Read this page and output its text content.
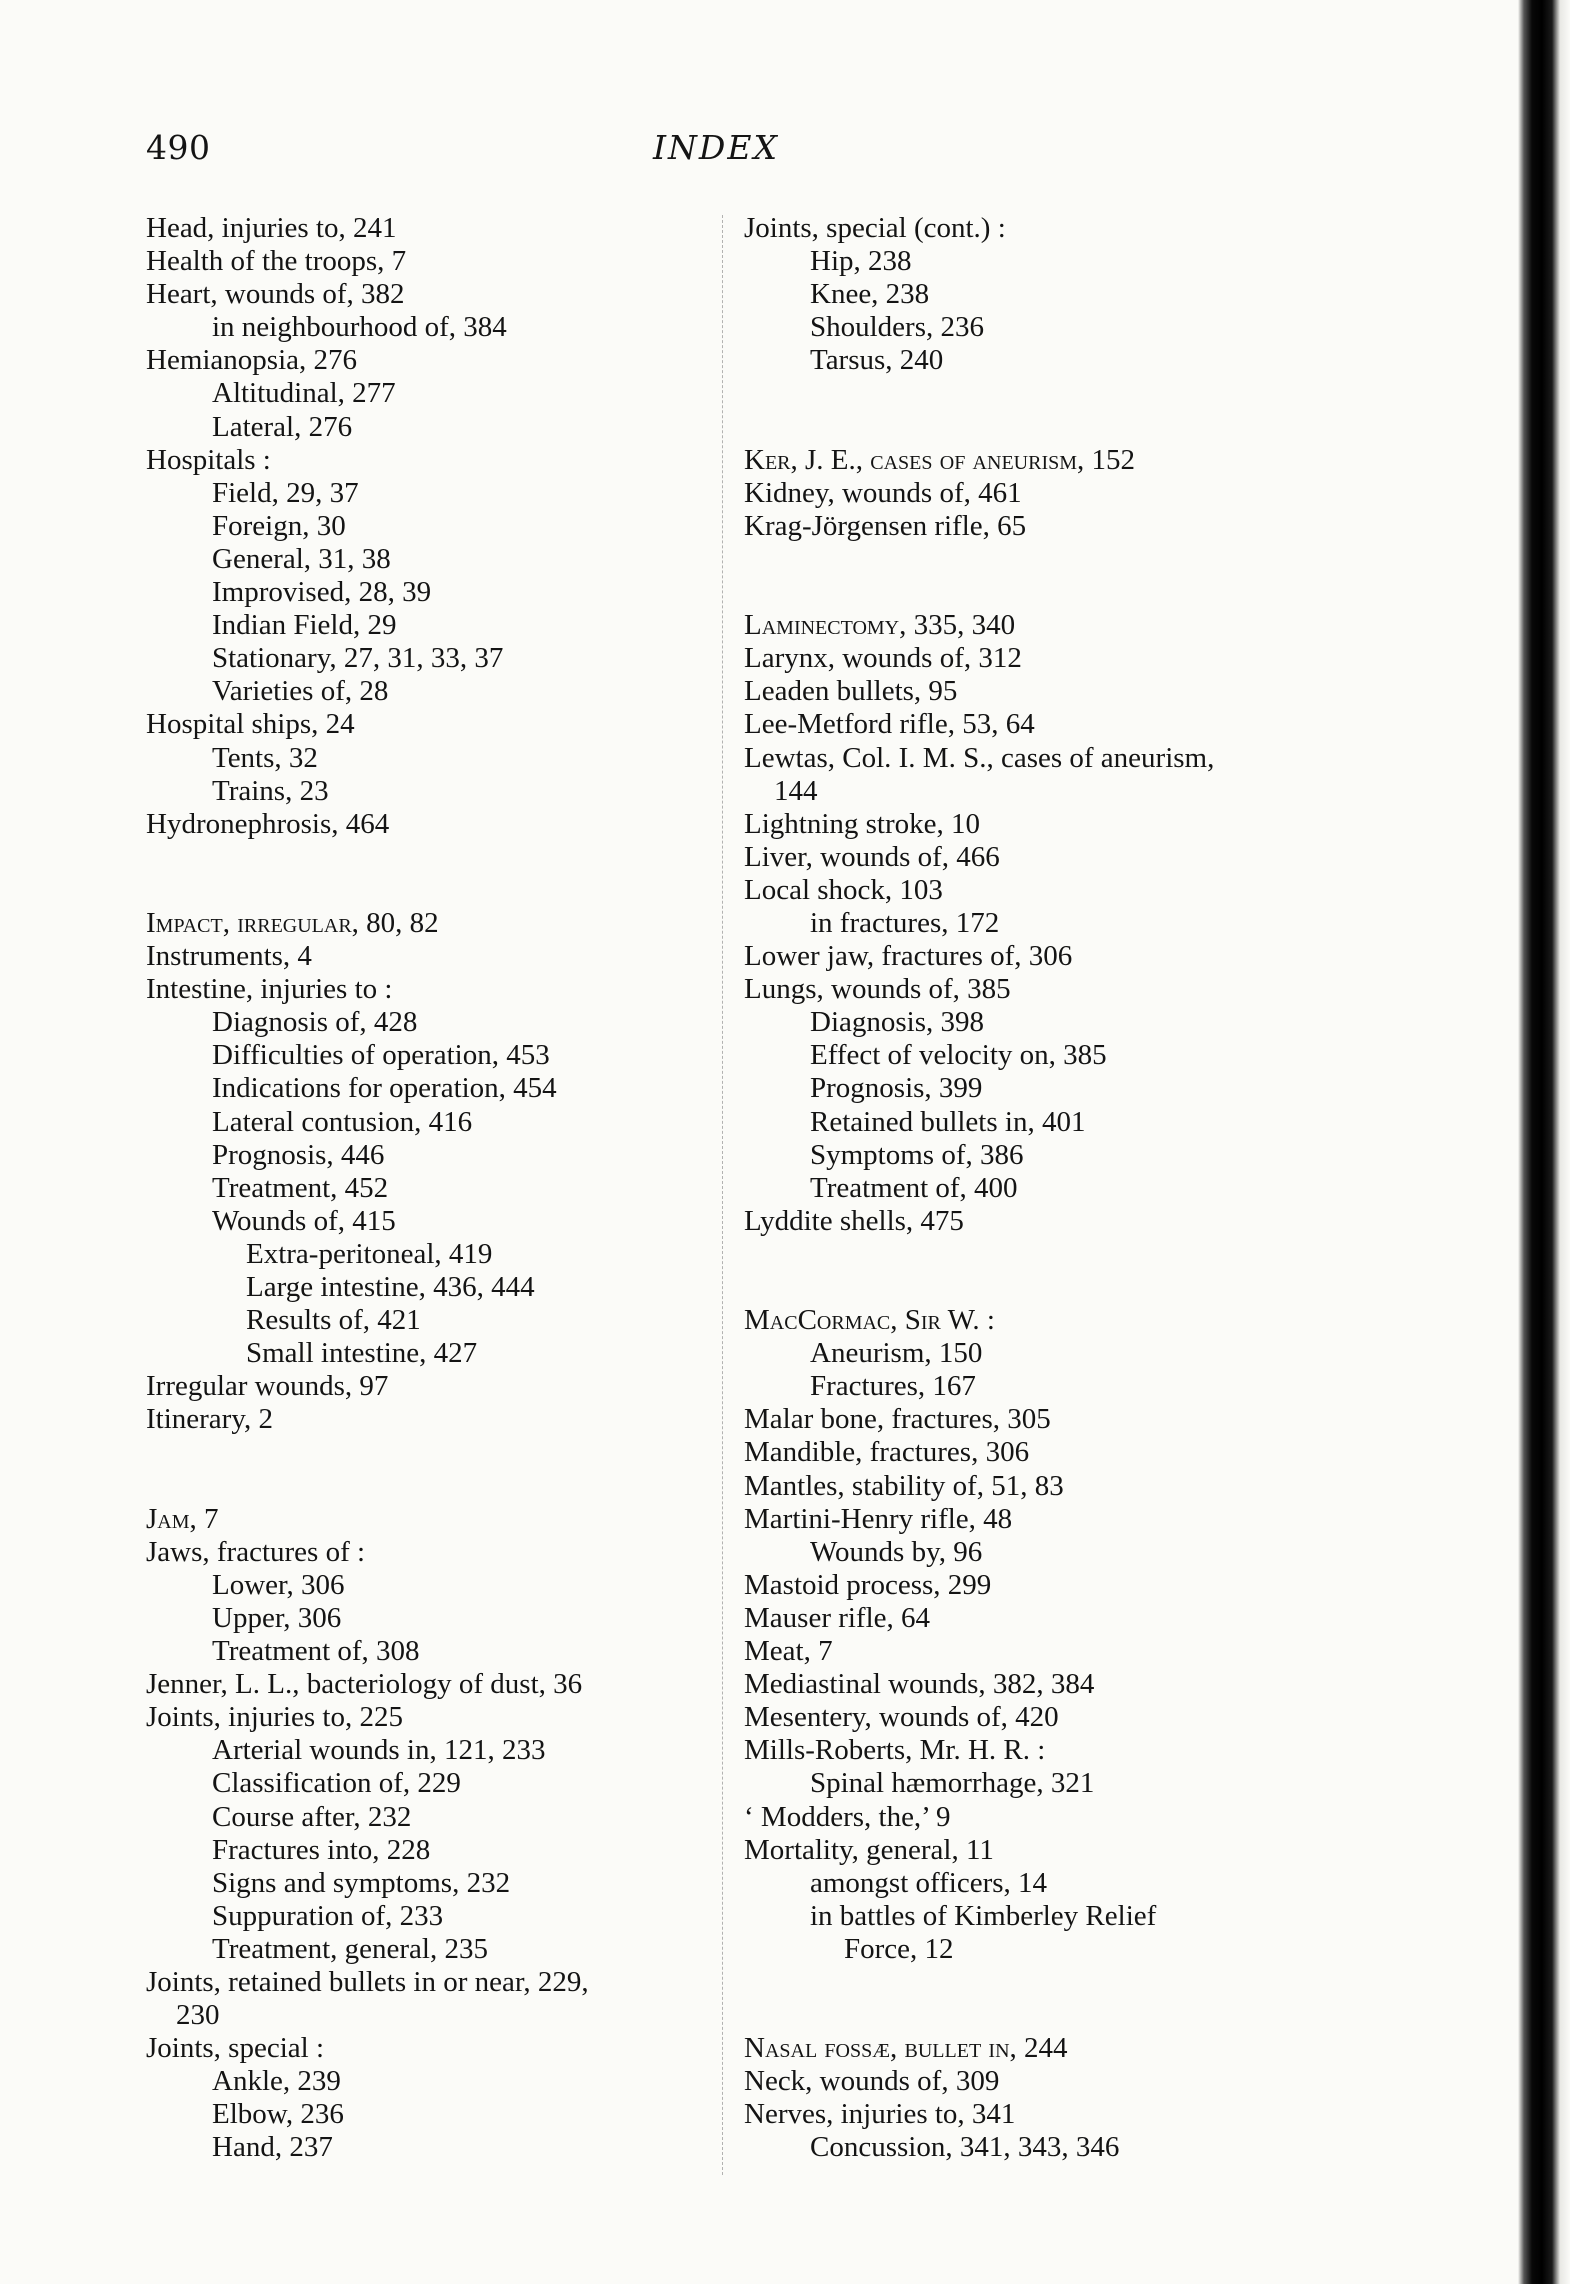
490	INDEX
Head, injuries to, 241
Health of the troops, 7
Heart, wounds of, 382
in neighbourhood of, 384
Hemianopsia, 276
Altitudinal, 277
Lateral, 276
Hospitals :
Field, 29, 37
Foreign, 30
General, 31, 38
Improvised, 28, 39
Indian Field, 29
Stationary, 27, 31, 33, 37
Varieties of, 28
Hospital ships, 24
Tents, 32
Trains, 23
Hydronephrosis, 464
Impact, irregular, 80, 82
Instruments, 4
Intestine, injuries to :
Diagnosis of, 428
Difficulties of operation, 453
Indications for operation, 454
Lateral contusion, 416
Prognosis, 446
Treatment, 452
Wounds of, 415
Extra-peritoneal, 419
Large intestine, 436, 444
Results of, 421
Small intestine, 427
Irregular wounds, 97
Itinerary, 2
Jam, 7
Jaws, fractures of :
Lower, 306
Upper, 306
Treatment of, 308
Jenner, L. L., bacteriology of dust, 36
Joints, injuries to, 225
Arterial wounds in, 121, 233
Classification of, 229
Course after, 232
Fractures into, 228
Signs and symptoms, 232
Suppuration of, 233
Treatment, general, 235
Joints, retained bullets in or near, 229,
230
Joints, special :
Ankle, 239
Elbow, 236
Hand, 237
Joints, special (cont.) :
Hip, 238
Knee, 238
Shoulders, 236
Tarsus, 240
Ker, J. E., cases of aneurism, 152
Kidney, wounds of, 461
Krag-Jörgensen rifle, 65
Laminectomy, 335, 340
Larynx, wounds of, 312
Leaden bullets, 95
Lee-Metford rifle, 53, 64
Lewtas, Col. I. M. S., cases of aneurism,
144
Lightning stroke, 10
Liver, wounds of, 466
Local shock, 103
in fractures, 172
Lower jaw, fractures of, 306
Lungs, wounds of, 385
Diagnosis, 398
Effect of velocity on, 385
Prognosis, 399
Retained bullets in, 401
Symptoms of, 386
Treatment of, 400
Lyddite shells, 475
MacCormac, Sir W. :
Aneurism, 150
Fractures, 167
Malar bone, fractures, 305
Mandible, fractures, 306
Mantles, stability of, 51, 83
Martini-Henry rifle, 48
Wounds by, 96
Mastoid process, 299
Mauser rifle, 64
Meat, 7
Mediastinal wounds, 382, 384
Mesentery, wounds of, 420
Mills-Roberts, Mr. H. R. :
Spinal hæmorrhage, 321
‘ Modders, the,’ 9
Mortality, general, 11
amongst officers, 14
in battles of Kimberley Relief
Force, 12
Nasal fossæ, bullet in, 244
Neck, wounds of, 309
Nerves, injuries to, 341
Concussion, 341, 343, 346
